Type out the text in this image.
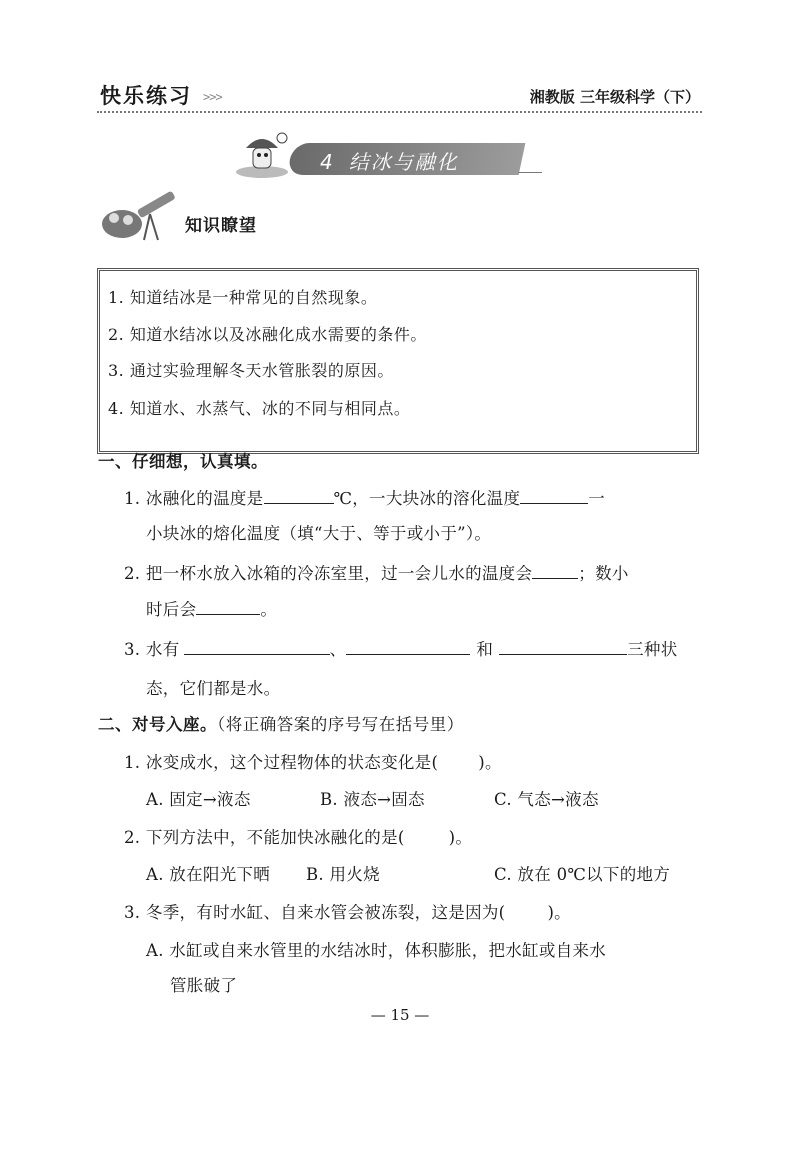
快乐练习 >>>	湘教版 三年级科学（下）
4 结冰与融化
知识瞭望
1. 知道结冰是一种常见的自然现象。
2. 知道水结冰以及冰融化成水需要的条件。
3. 通过实验理解冬天水管胀裂的原因。
4. 知道水、水蒸气、冰的不同与相同点。
一、仔细想，认真填。
1. 冰融化的温度是	℃，一大块冰的溶化温度	一
小块冰的熔化温度（填“大于、等于或小于”）。
2. 把一杯水放入冰箱的冷冻室里，过一会儿水的温度会	；数小
时后会	。
3. 水有	、	和	三种状
态，它们都是水。
二、对号入座。（将正确答案的序号写在括号里）
1. 冰变成水，这个过程物体的状态变化是( )。
A. 固定→液态	B. 液态→固态	C. 气态→液态
2. 下列方法中，不能加快冰融化的是(	)。
A. 放在阳光下晒 B. 用火烧	C. 放在 0℃以下的地方
3. 冬季，有时水缸、自来水管会被冻裂，这是因为(	)。
A. 水缸或自来水管里的水结冰时，体积膨胀，把水缸或自来水
管胀破了
— 15 —
